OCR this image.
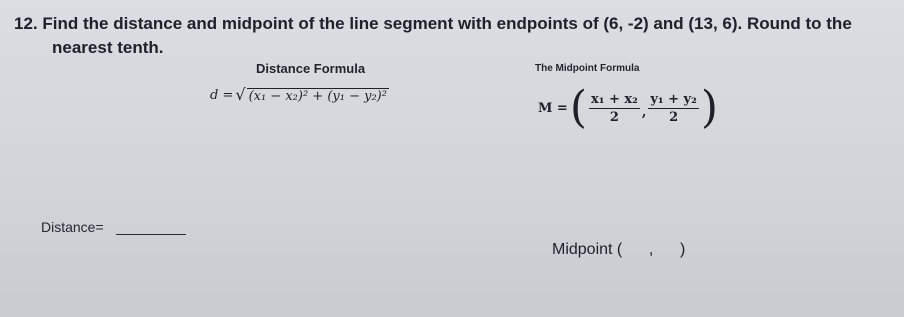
12. Find the distance and midpoint of the line segment with endpoints of (6, -2) and (13, 6). Round to the
nearest tenth.
Distance Formula	The Midpoint Formula
d = √ (x₁ − x₂)² + (y₁ − y₂)²
M = ( $\frac{\text{x₁ + x₂}}{2}$ , $\frac{\text{y₁ + y₂}}{2}$ )
Distance=
Midpoint (      ,      )
